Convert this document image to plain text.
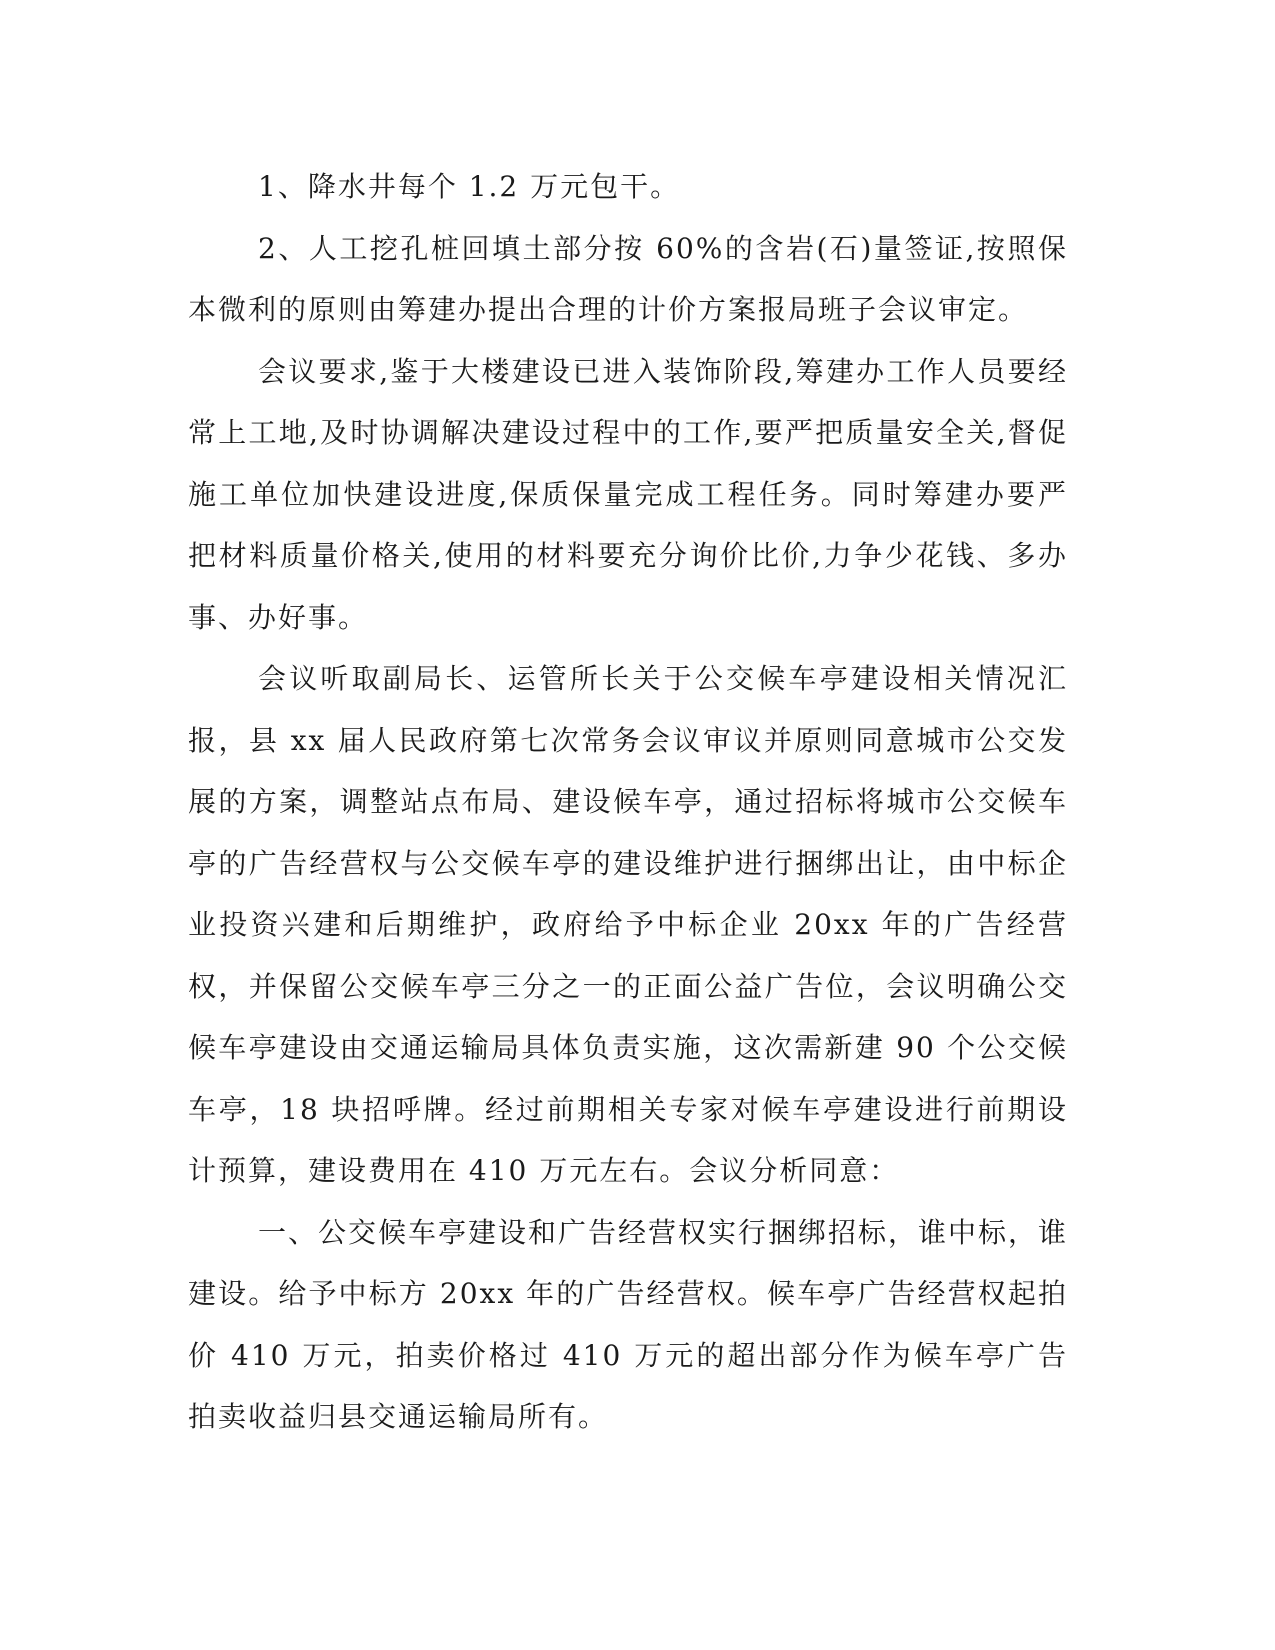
1、降水井每个 1.2 万元包干。

2、人工挖孔桩回填土部分按 60%的含岩(石)量签证,按照保本微利的原则由筹建办提出合理的计价方案报局班子会议审定。

会议要求,鉴于大楼建设已进入装饰阶段,筹建办工作人员要经常上工地,及时协调解决建设过程中的工作,要严把质量安全关,督促施工单位加快建设进度,保质保量完成工程任务。同时筹建办要严把材料质量价格关,使用的材料要充分询价比价,力争少花钱、多办事、办好事。

会议听取副局长、运管所长关于公交候车亭建设相关情况汇报，县 xx 届人民政府第七次常务会议审议并原则同意城市公交发展的方案，调整站点布局、建设候车亭，通过招标将城市公交候车亭的广告经营权与公交候车亭的建设维护进行捆绑出让，由中标企业投资兴建和后期维护，政府给予中标企业 20xx 年的广告经营权，并保留公交候车亭三分之一的正面公益广告位，会议明确公交候车亭建设由交通运输局具体负责实施，这次需新建 90 个公交候车亭，18 块招呼牌。经过前期相关专家对候车亭建设进行前期设计预算，建设费用在 410 万元左右。会议分析同意：

一、公交候车亭建设和广告经营权实行捆绑招标，谁中标，谁建设。给予中标方 20xx 年的广告经营权。候车亭广告经营权起拍价 410 万元，拍卖价格过 410 万元的超出部分作为候车亭广告拍卖收益归县交通运输局所有。
